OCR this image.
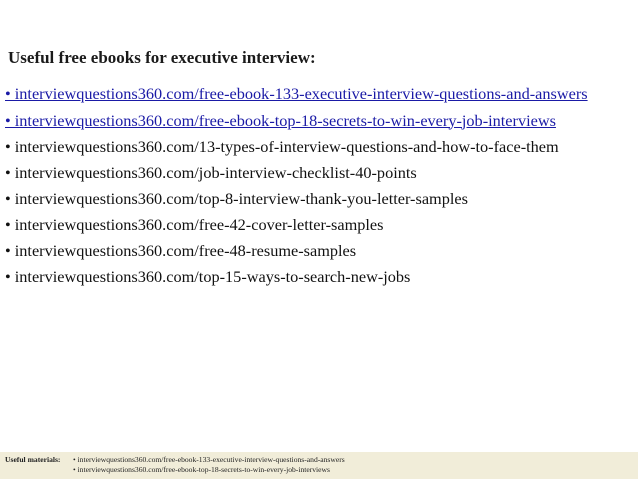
Useful free ebooks for executive interview:
• interviewquestions360.com/free-ebook-133-executive-interview-questions-and-answers
• interviewquestions360.com/free-ebook-top-18-secrets-to-win-every-job-interviews
• interviewquestions360.com/13-types-of-interview-questions-and-how-to-face-them
• interviewquestions360.com/job-interview-checklist-40-points
• interviewquestions360.com/top-8-interview-thank-you-letter-samples
• interviewquestions360.com/free-42-cover-letter-samples
• interviewquestions360.com/free-48-resume-samples
• interviewquestions360.com/top-15-ways-to-search-new-jobs
Useful materials: • interviewquestions360.com/free-ebook-133-executive-interview-questions-and-answers
• interviewquestions360.com/free-ebook-top-18-secrets-to-win-every-job-interviews
